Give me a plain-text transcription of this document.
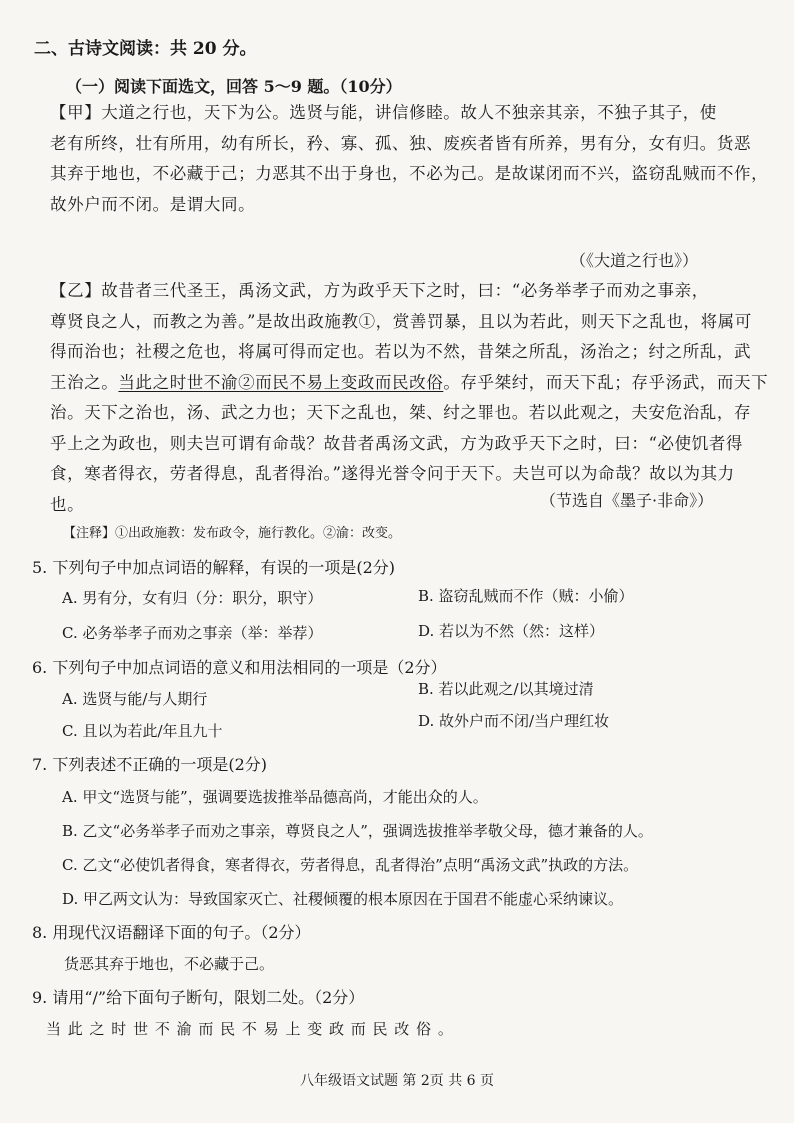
二、古诗文阅读：共 20 分。
（一）阅读下面选文，回答 5～9 题。（10分）
【甲】大道之行也，天下为公。选贤与能，讲信修睦。故人不独亲其亲，不独子其子，使
老有所终，壮有所用，幼有所长，矜、寡、孤、独、废疾者皆有所养，男有分，女有归。货恶
其弃于地也，不必藏于己；力恶其不出于身也，不必为己。是故谋闭而不兴，盗窃乱贼而不作，
故外户而不闭。是谓大同。
（《大道之行也》）
【乙】故昔者三代圣王，禹汤文武，方为政乎天下之时，曰：“必务举孝子而劝之事亲，
尊贤良之人，而教之为善。”是故出政施教①，赏善罚暴，且以为若此，则天下之乱也，将属可
得而治也；社稷之危也，将属可得而定也。若以为不然，昔桀之所乱，汤治之；纣之所乱，武
王治之。当此之时世不渝②而民不易上变政而民改俗。存乎桀纣，而天下乱；存乎汤武，而天下
治。天下之治也，汤、武之力也；天下之乱也，桀、纣之罪也。若以此观之，夫安危治乱，存
乎上之为政也，则夫岂可谓有命哉？故昔者禹汤文武，方为政乎天下之时，曰：“必使饥者得
食，寒者得衣，劳者得息，乱者得治。”遂得光誉令问于天下。夫岂可以为命哉？故以为其力
也。	（节选自《墨子·非命》）
【注释】①出政施教：发布政令，施行教化。②渝：改变。
5. 下列句子中加点词语的解释，有误的一项是(2分)
A. 男有分，女有归（分：职分，职守）	B. 盗窃乱贼而不作（贼：小偷）
C. 必务举孝子而劝之事亲（举：举荐）	D. 若以为不然（然：这样）
6. 下列句子中加点词语的意义和用法相同的一项是（2分）
A. 选贤与能/与人期行
B. 若以此观之/以其境过清
C. 且以为若此/年且九十
D. 故外户而不闭/当户理红妆
7. 下列表述不正确的一项是(2分)
A. 甲文“选贤与能”，强调要选拔推举品德高尚，才能出众的人。
B. 乙文“必务举孝子而劝之事亲，尊贤良之人”，强调选拔推举孝敬父母，德才兼备的人。
C. 乙文“必使饥者得食，寒者得衣，劳者得息，乱者得治”点明“禹汤文武”执政的方法。
D. 甲乙两文认为：导致国家灭亡、社稷倾覆的根本原因在于国君不能虚心采纳谏议。
8. 用现代汉语翻译下面的句子。（2分）
货恶其弃于地也，不必藏于己。
9. 请用“/”给下面句子断句，限划二处。（2分）
当 此 之 时 世 不 渝 而 民 不 易 上 变 政 而 民 改 俗 。
八年级语文试题 第 2页 共 6 页
